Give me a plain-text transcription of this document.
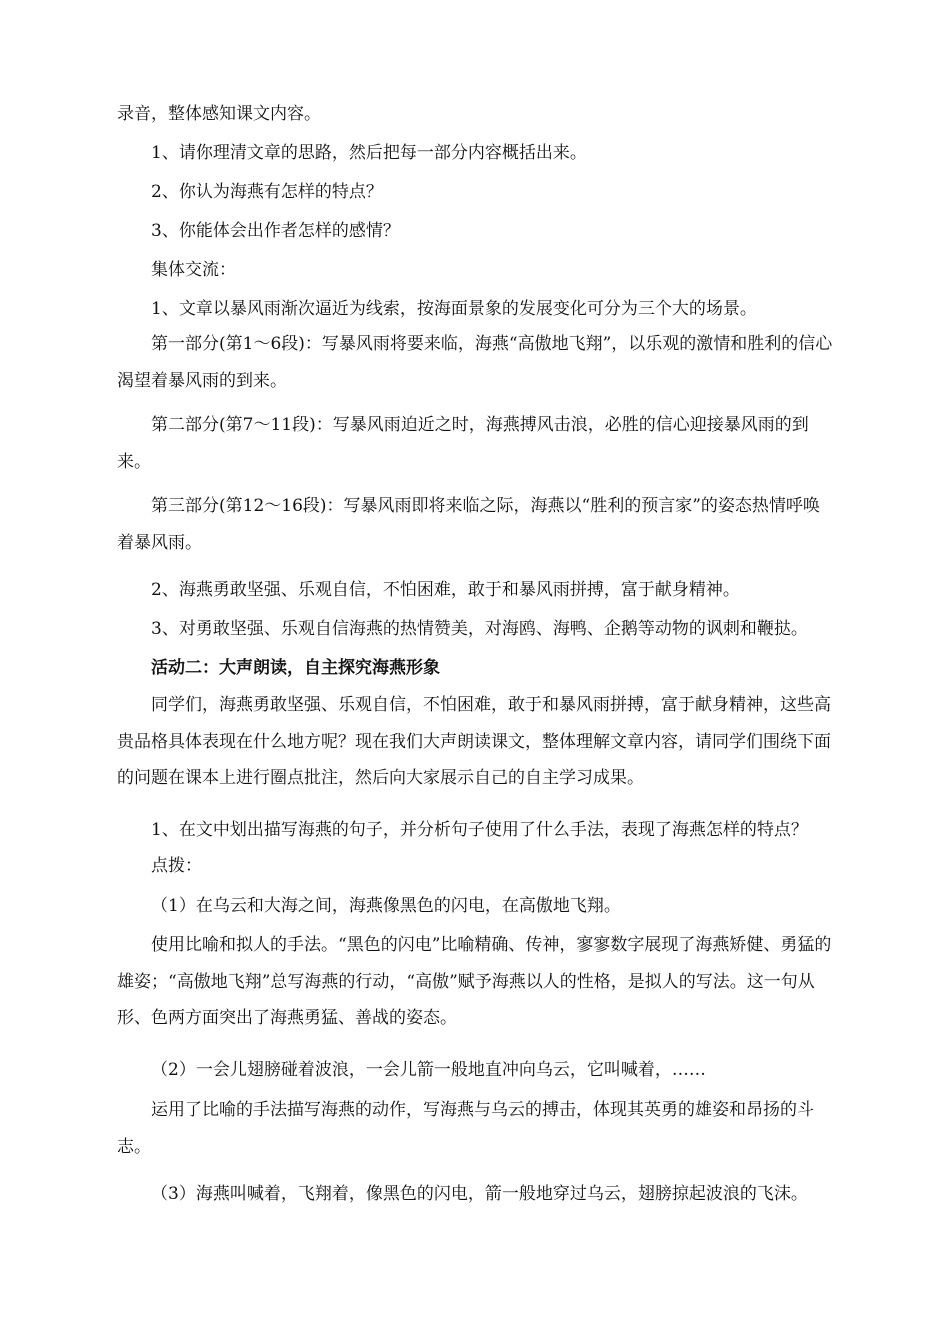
录音，整体感知课文内容。

1、请你理清文章的思路，然后把每一部分内容概括出来。

2、你认为海燕有怎样的特点？

3、你能体会出作者怎样的感情？

集体交流：

1、文章以暴风雨渐次逼近为线索，按海面景象的发展变化可分为三个大的场景。

第一部分(第1～6段)：写暴风雨将要来临，海燕“高傲地飞翔”，以乐观的激情和胜利的信心渴望着暴风雨的到来。

第二部分(第7～11段)：写暴风雨迫近之时，海燕搏风击浪，必胜的信心迎接暴风雨的到来。

第三部分(第12～16段)：写暴风雨即将来临之际，海燕以“胜利的预言家”的姿态热情呼唤着暴风雨。

2、海燕勇敢坚强、乐观自信，不怕困难，敢于和暴风雨拼搏，富于献身精神。

3、对勇敢坚强、乐观自信海燕的热情赞美，对海鸥、海鸭、企鹅等动物的讽刺和鞭挞。

活动二：大声朗读，自主探究海燕形象

同学们，海燕勇敢坚强、乐观自信，不怕困难，敢于和暴风雨拼搏，富于献身精神，这些高贵品格具体表现在什么地方呢？现在我们大声朗读课文，整体理解文章内容，请同学们围绕下面的问题在课本上进行圈点批注，然后向大家展示自己的自主学习成果。

1、在文中划出描写海燕的句子，并分析句子使用了什么手法，表现了海燕怎样的特点？

点拨：

（1）在乌云和大海之间，海燕像黑色的闪电，在高傲地飞翔。

使用比喻和拟人的手法。“黑色的闪电”比喻精确、传神，寥寥数字展现了海燕矫健、勇猛的雄姿；“高傲地飞翔”总写海燕的行动，“高傲”赋予海燕以人的性格，是拟人的写法。这一句从形、色两方面突出了海燕勇猛、善战的姿态。

（2）一会儿翅膀碰着波浪，一会儿箭一般地直冲向乌云，它叫喊着，……

运用了比喻的手法描写海燕的动作，写海燕与乌云的搏击，体现其英勇的雄姿和昂扬的斗志。

（3）海燕叫喊着，飞翔着，像黑色的闪电，箭一般地穿过乌云，翅膀掠起波浪的飞沫。
